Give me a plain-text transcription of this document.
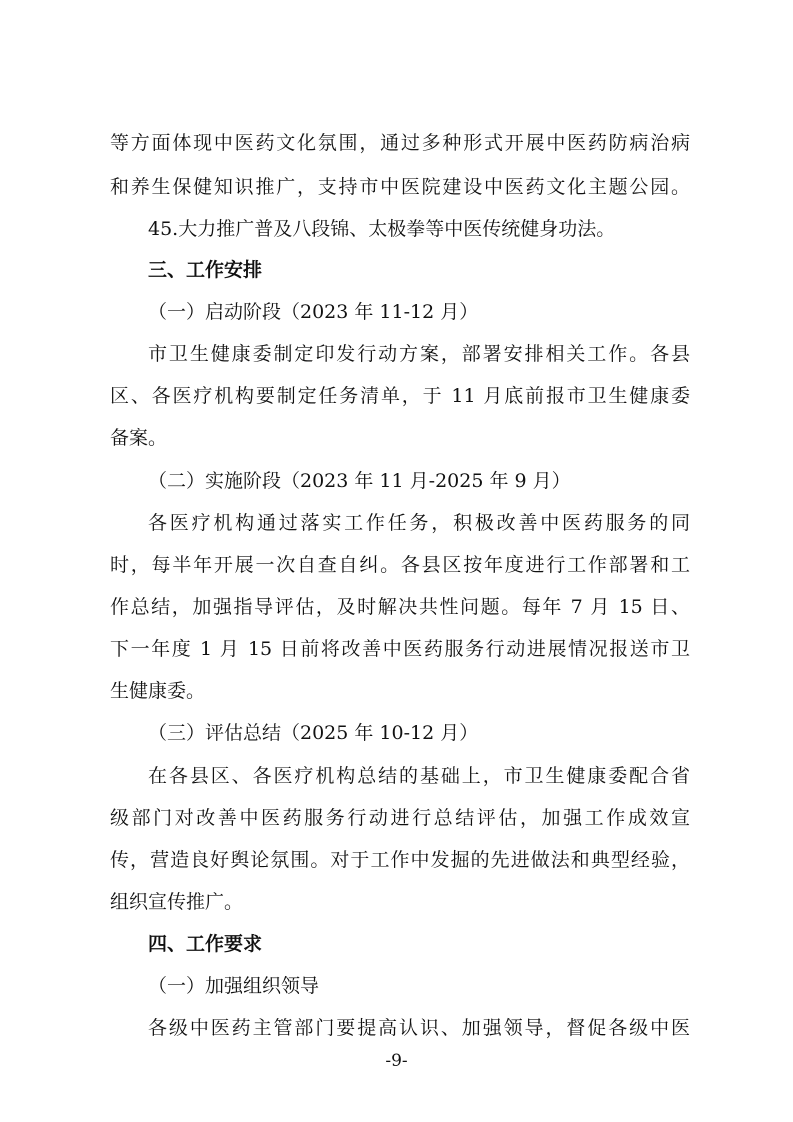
等方面体现中医药文化氛围，通过多种形式开展中医药防病治病
和养生保健知识推广，支持市中医院建设中医药文化主题公园。
45.大力推广普及八段锦、太极拳等中医传统健身功法。
三、工作安排
（一）启动阶段（2023 年 11-12 月）
市卫生健康委制定印发行动方案，部署安排相关工作。各县
区、各医疗机构要制定任务清单，于 11 月底前报市卫生健康委
备案。
（二）实施阶段（2023 年 11 月-2025 年 9 月）
各医疗机构通过落实工作任务，积极改善中医药服务的同
时，每半年开展一次自查自纠。各县区按年度进行工作部署和工
作总结，加强指导评估，及时解决共性问题。每年 7 月 15 日、
下一年度 1 月 15 日前将改善中医药服务行动进展情况报送市卫
生健康委。
（三）评估总结（2025 年 10-12 月）
在各县区、各医疗机构总结的基础上，市卫生健康委配合省
级部门对改善中医药服务行动进行总结评估，加强工作成效宣
传，营造良好舆论氛围。对于工作中发掘的先进做法和典型经验，
组织宣传推广。
四、工作要求
（一）加强组织领导
各级中医药主管部门要提高认识、加强领导，督促各级中医
-9-
